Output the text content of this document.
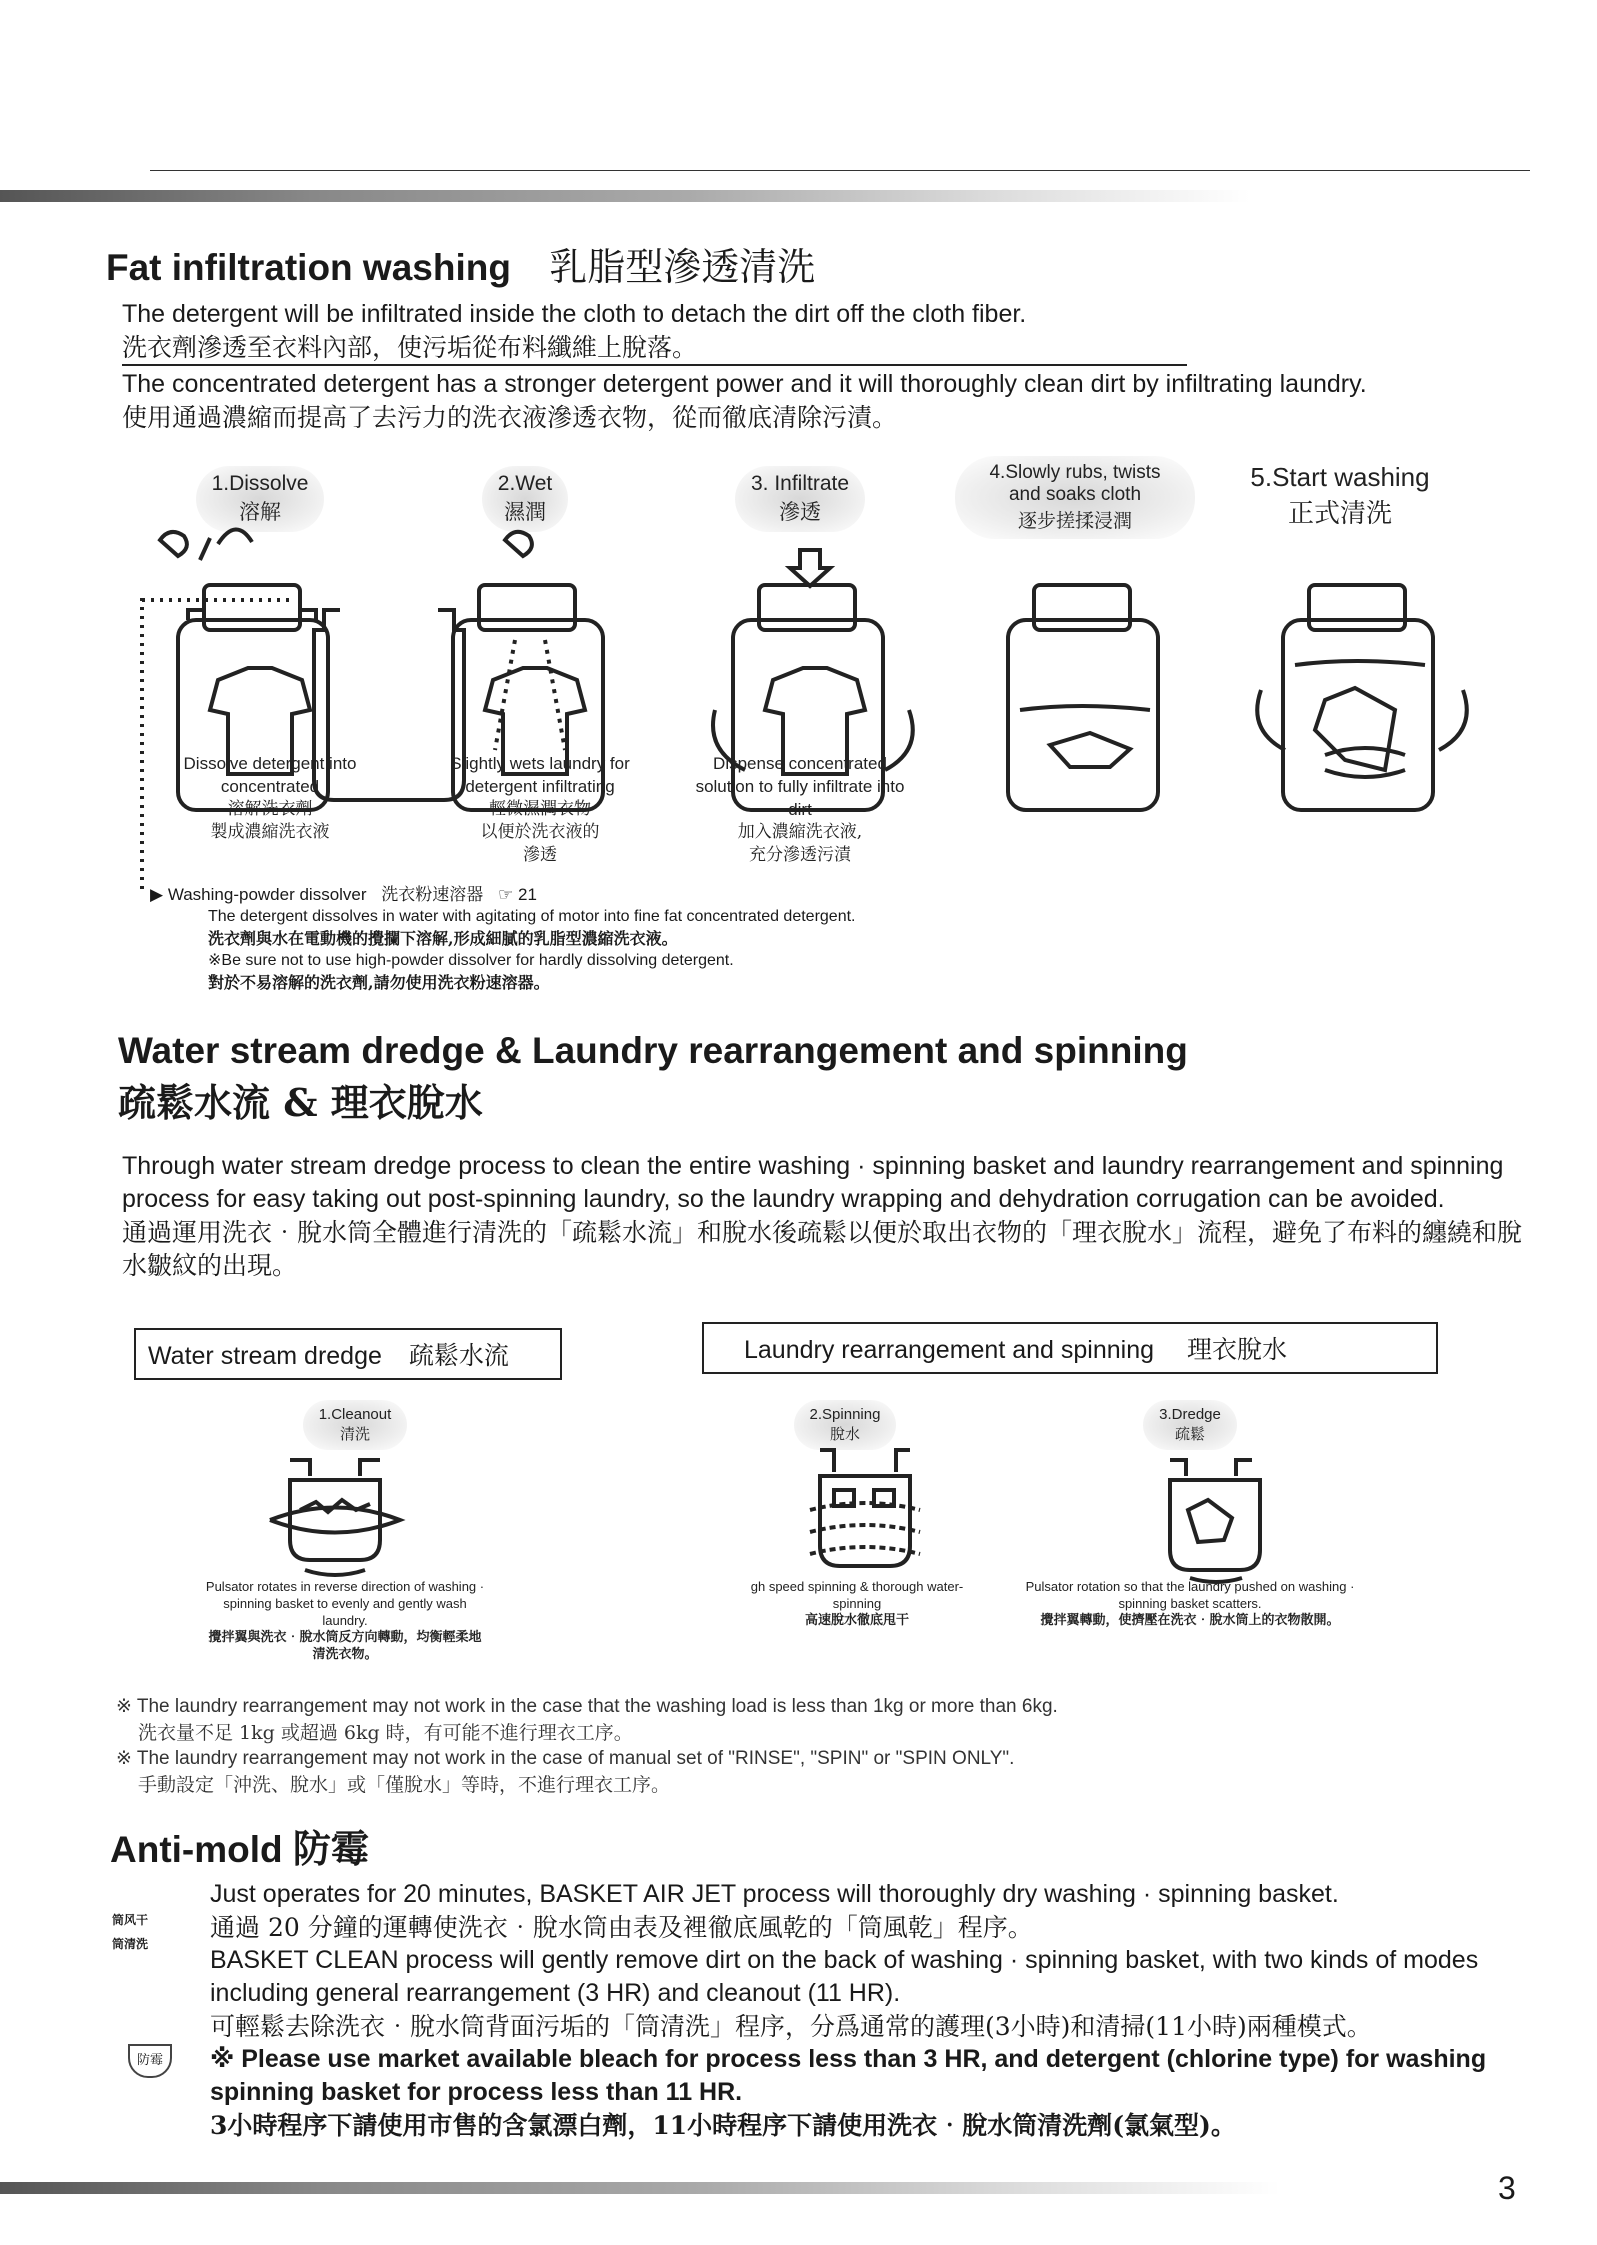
Fat infiltration washing 乳脂型滲透清洗
The detergent will be infiltrated inside the cloth to detach the dirt off the cloth fiber.
洗衣劑滲透至衣料內部，使污垢從布料纖維上脫落。
The concentrated detergent has a stronger detergent power and it will thoroughly clean dirt by infiltrating laundry.
使用通過濃縮而提高了去污力的洗衣液滲透衣物，從而徹底清除污漬。
1.Dissolve
溶解
2.Wet
濕潤
3. Infiltrate
滲透
4.Slowly rubs, twists and soaks cloth
逐步搓揉浸潤
5.Start washing
正式清洗
Dissolve detergent into concentrated
溶解洗衣劑
製成濃縮洗衣液
Slightly wets laundry for detergent infiltrating
輕微濕潤衣物
以便於洗衣液的
滲透
Dispense concentrated solution to fully infiltrate into dirt
加入濃縮洗衣液,
充分滲透污漬
▶ Washing-powder dissolver 洗衣粉速溶器 ☞ 21
The detergent dissolves in water with agitating of motor into fine fat concentrated detergent.
洗衣劑與水在電動機的攪攔下溶解,形成細膩的乳脂型濃縮洗衣液。
※Be sure not to use high-powder dissolver for hardly dissolving detergent.
對於不易溶解的洗衣劑,請勿使用洗衣粉速溶器。
Water stream dredge & Laundry rearrangement and spinning
疏鬆水流 & 理衣脫水
Through water stream dredge process to clean the entire washing · spinning basket and laundry rearrangement and spinning process for easy taking out post-spinning laundry, so the laundry wrapping and dehydration corrugation can be avoided.
通過運用洗衣‧脫水筒全體進行清洗的「疏鬆水流」和脫水後疏鬆以便於取出衣物的「理衣脫水」流程，避免了布料的纏繞和脫水皺紋的出現。
Water stream dredge 疏鬆水流	Laundry rearrangement and spinning 理衣脫水
1.Cleanout
清洗
2.Spinning
脫水
3.Dredge
疏鬆
Pulsator rotates in reverse direction of washing · spinning basket to evenly and gently wash laundry.
攪拌翼與洗衣‧脫水筒反方向轉動，均衡輕柔地清洗衣物。
gh speed spinning & thorough water-spinning
高速脫水徹底甩干
Pulsator rotation so that the laundry pushed on washing · spinning basket scatters.
攪拌翼轉動，使擠壓在洗衣‧脫水筒上的衣物散開。
※ The laundry rearrangement may not work in the case that the washing load is less than 1kg or more than 6kg.
洗衣量不足 1kg 或超過 6kg 時，有可能不進行理衣工序。
※ The laundry rearrangement may not work in the case of manual set of "RINSE", "SPIN" or "SPIN ONLY".
手動設定「沖洗、脫水」或「僅脫水」等時，不進行理衣工序。
Anti-mold 防霉
筒风干
筒清洗
防霉
Just operates for 20 minutes, BASKET AIR JET process will thoroughly dry washing · spinning basket.
通過 20 分鐘的運轉使洗衣‧脫水筒由表及裡徹底風乾的「筒風乾」程序。
BASKET CLEAN process will gently remove dirt on the back of washing · spinning basket, with two kinds of modes including general rearrangement (3 HR) and cleanout (11 HR).
可輕鬆去除洗衣‧脫水筒背面污垢的「筒清洗」程序，分爲通常的護理(3小時)和清掃(11小時)兩種模式。
※ Please use market available bleach for process less than 3 HR, and detergent (chlorine type) for washing spinning basket for process less than 11 HR.
3小時程序下請使用市售的含氯漂白劑，11小時程序下請使用洗衣‧脫水筒清洗劑(氯氣型)。
3
